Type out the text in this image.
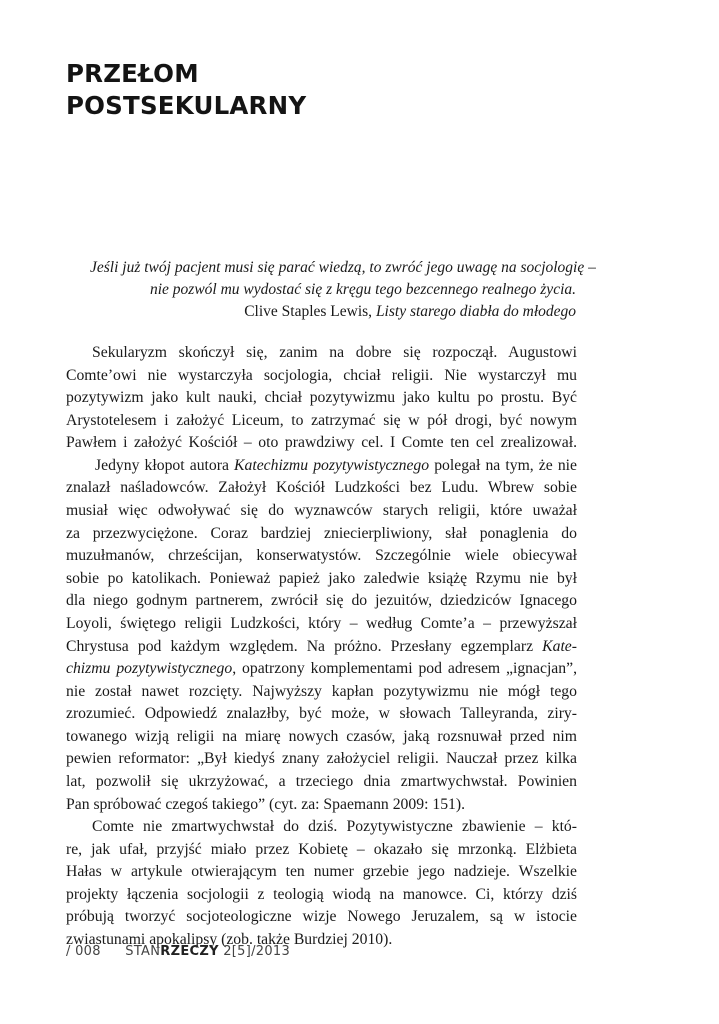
PRZEŁOM
POSTSEKULARNY
Jeśli już twój pacjent musi się parać wiedzą, to zwróć jego uwagę na socjologię –
nie pozwól mu wydostać się z kręgu tego bezcennego realnego życia.
Clive Staples Lewis, Listy starego diabła do młodego
Sekularyzm skończył się, zanim na dobre się rozpoczął. Augustowi
Comte’owi nie wystarczyła socjologia, chciał religii. Nie wystarczył mu
pozytywizm jako kult nauki, chciał pozytywizmu jako kultu po prostu. Być
Arystotelesem i założyć Liceum, to zatrzymać się w pół drogi, być nowym
Pawłem i założyć Kościół – oto prawdziwy cel. I Comte ten cel zrealizował.
Jedyny kłopot autora Katechizmu pozytywistycznego polegał na tym, że nie
znalazł naśladowców. Założył Kościół Ludzkości bez Ludu. Wbrew sobie
musiał więc odwoływać się do wyznawców starych religii, które uważał
za przezwyciężone. Coraz bardziej zniecierpliwiony, słał ponaglenia do
muzułmanów, chrześcijan, konserwatystów. Szczególnie wiele obiecywał
sobie po katolikach. Ponieważ papież jako zaledwie książę Rzymu nie był
dla niego godnym partnerem, zwrócił się do jezuitów, dziedziców Ignacego
Loyoli, świętego religii Ludzkości, który – według Comte’a – przewyższał
Chrystusa pod każdym względem. Na próżno. Przesłany egzemplarz Kate-
chizmu pozytywistycznego, opatrzony komplementami pod adresem „ignacjan”,
nie został nawet rozcięty. Najwyższy kapłan pozytywizmu nie mógł tego
zrozumieć. Odpowiedź znalazłby, być może, w słowach Talleyranda, ziry-
towanego wizją religii na miarę nowych czasów, jaką rozsnuwał przed nim
pewien reformator: „Był kiedyś znany założyciel religii. Nauczał przez kilka
lat, pozwolił się ukrzyżować, a trzeciego dnia zmartwychwstał. Powinien
Pan spróbować czegoś takiego” (cyt. za: Spaemann 2009: 151).
Comte nie zmartwychwstał do dziś. Pozytywistyczne zbawienie – któ-
re, jak ufał, przyjść miało przez Kobietę – okazało się mrzonką. Elżbieta
Hałas w artykule otwierającym ten numer grzebie jego nadzieje. Wszelkie
projekty łączenia socjologii z teologią wiodą na manowce. Ci, którzy dziś
próbują tworzyć socjoteologiczne wizje Nowego Jeruzalem, są w istocie
zwiastunami apokalipsy (zob. także Burdziej 2010).
/ 008 STANRZECZY 2[5]/2013
